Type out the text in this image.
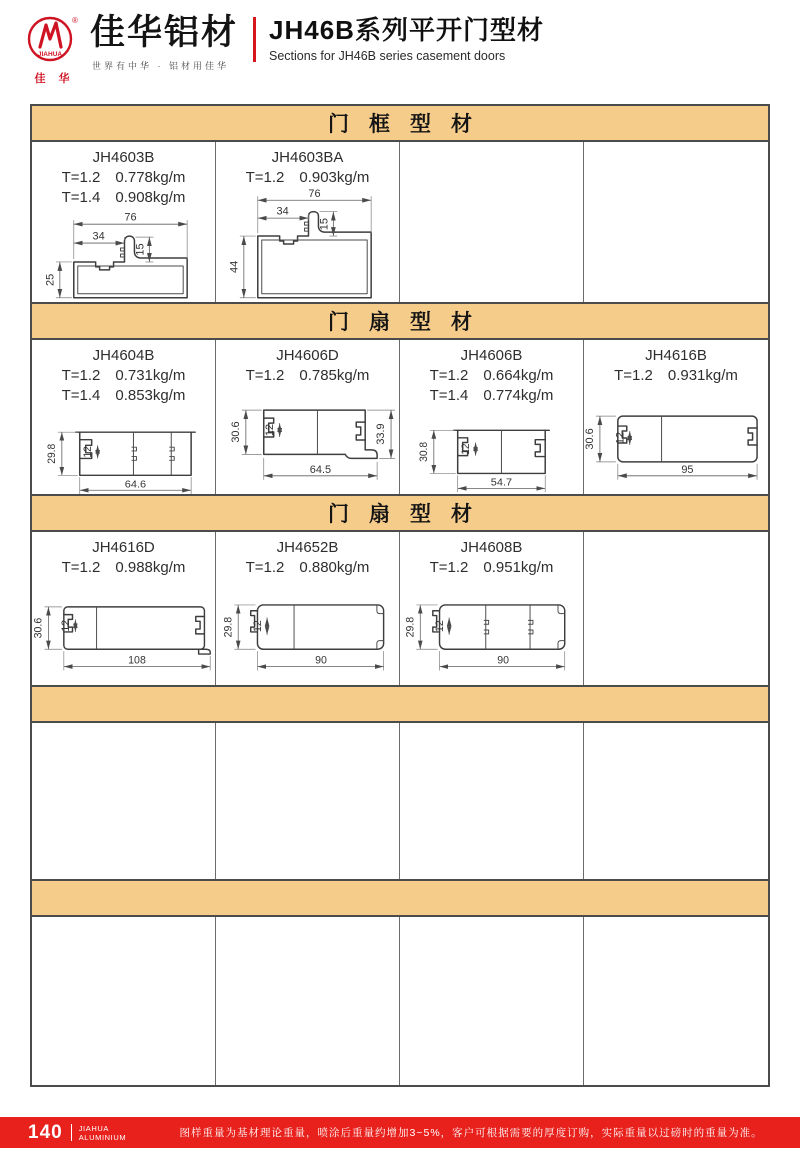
JIAHUA
®
佳 华
佳华铝材
世界有中华 · 铝材用佳华
JH46B系列平开门型材
Sections for JH46B series casement doors
门框型材
JH4603B
T=1.2 0.778kg/m
T=1.4 0.908kg/m
76
34
15
25
JH4603BA
T=1.2 0.903kg/m
76
34
15
44
门扇型材
JH4604B
T=1.2 0.731kg/m
T=1.4 0.853kg/m
29.8 12
64.6
JH4606D
T=1.2 0.785kg/m
30.6 12	33.9
64.5
JH4606B
T=1.2 0.664kg/m
T=1.4 0.774kg/m
30.8	12
54.7
JH4616B
T=1.2 0.931kg/m
30.6 12
95
门扇型材
JH4616D
T=1.2 0.988kg/m
30.6 12
108
JH4652B
T=1.2 0.880kg/m
29.8 12
90
JH4608B
T=1.2 0.951kg/m
29.8 12
90
140 JIAHUA
ALUMINIUM	图样重量为基材理论重量，喷涂后重量约增加3~5%，客户可根据需要的厚度订购，实际重量以过磅时的重量为准。
